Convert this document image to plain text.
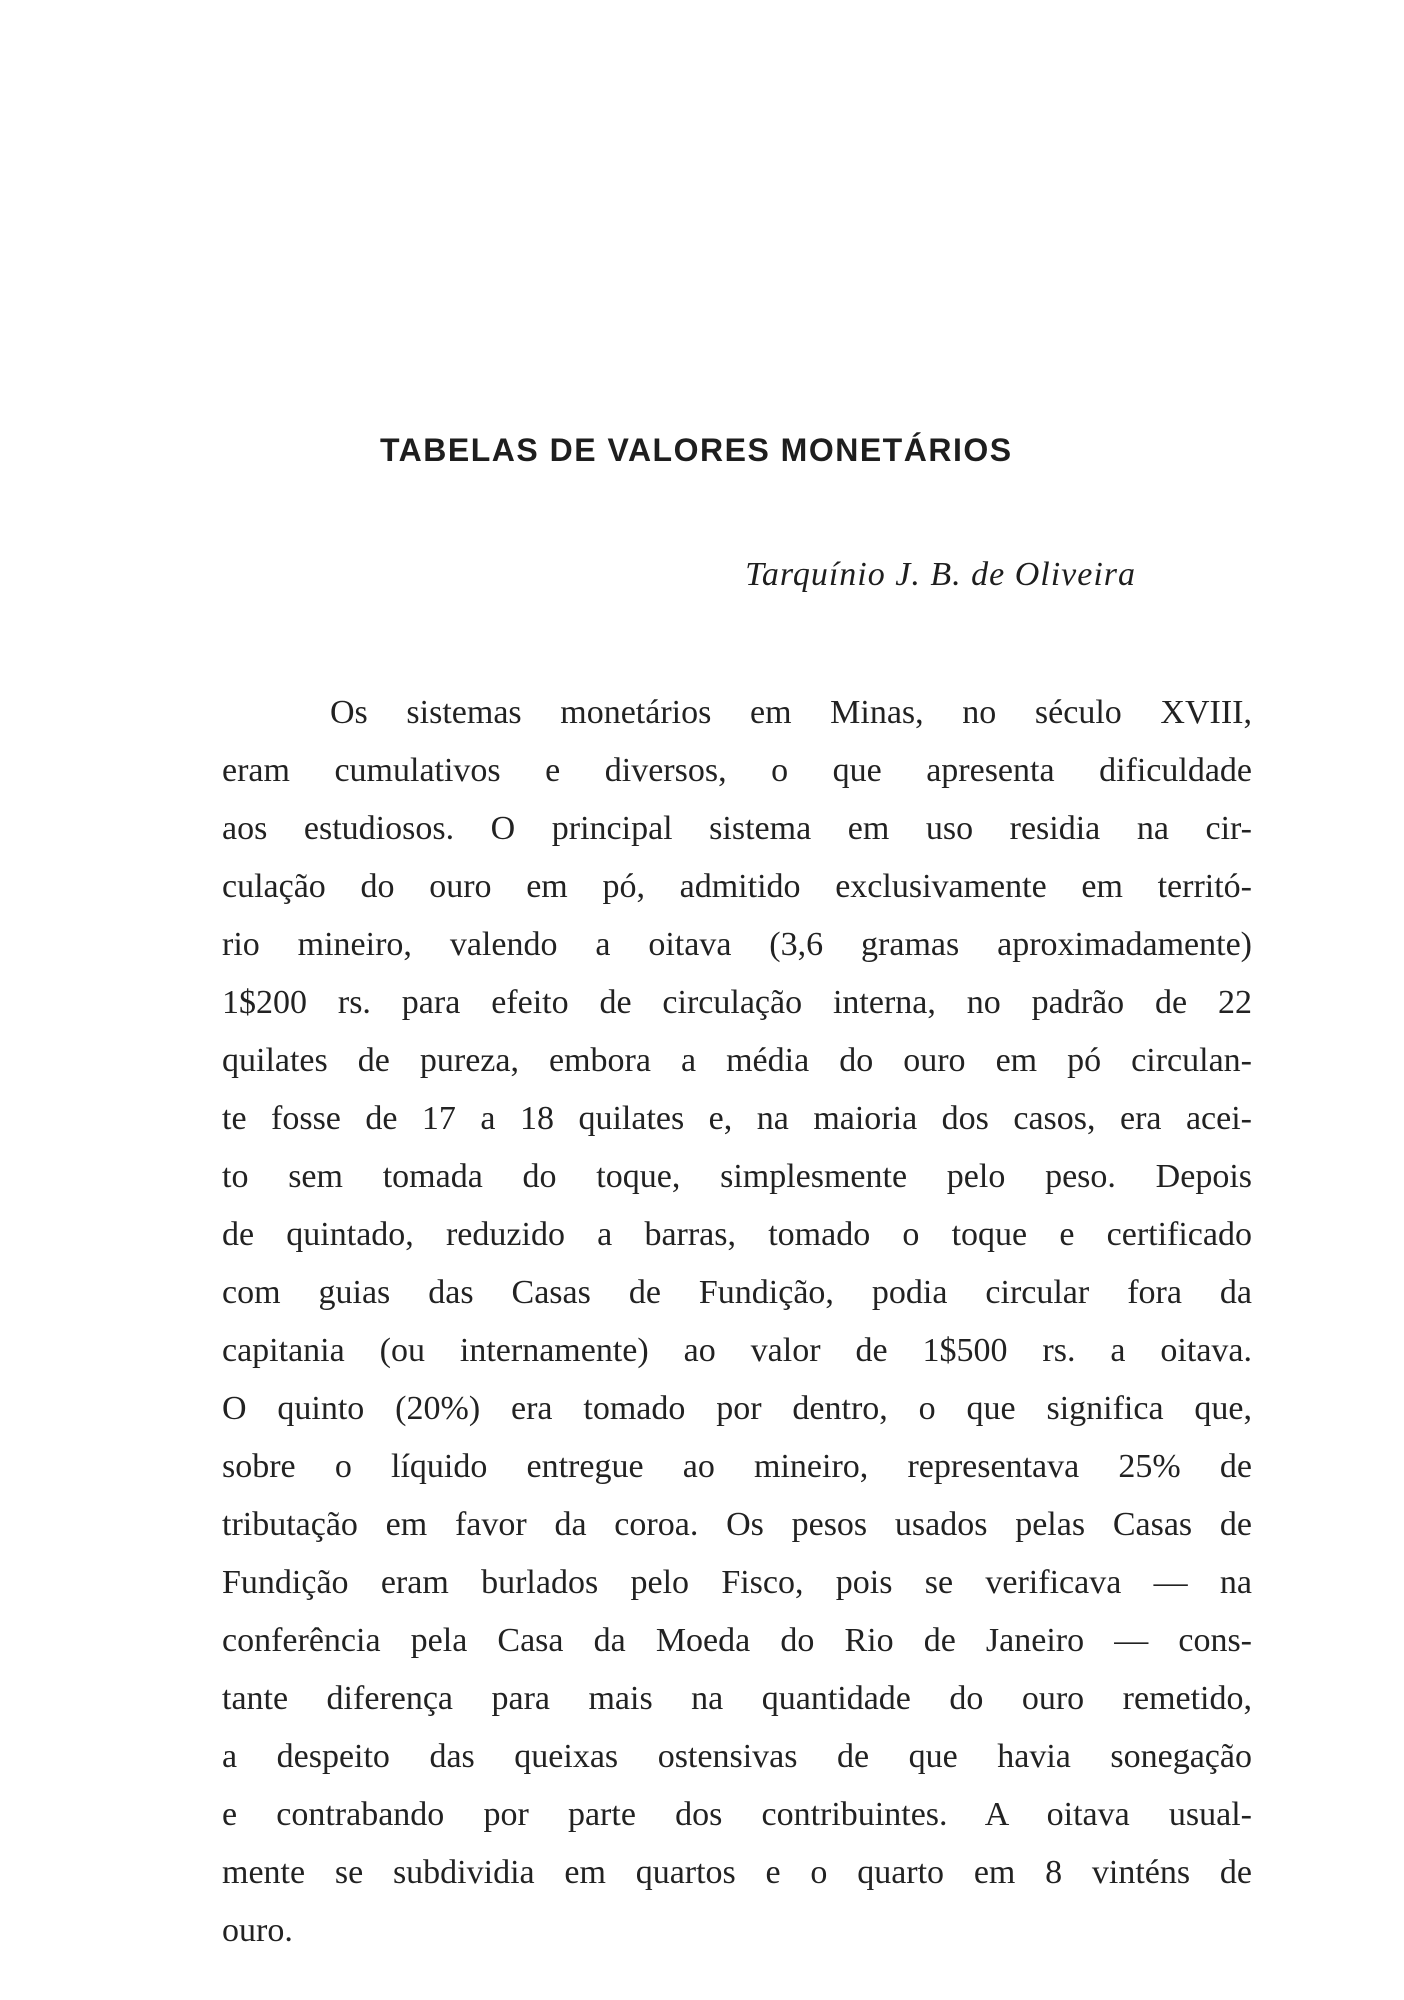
TABELAS DE VALORES MONETÁRIOS
Tarquínio J. B. de Oliveira
Os sistemas monetários em Minas, no século XVIII,
eram cumulativos e diversos, o que apresenta dificuldade
aos estudiosos. O principal sistema em uso residia na cir-
culação do ouro em pó, admitido exclusivamente em territó-
rio mineiro, valendo a oitava (3,6 gramas aproximadamente)
1$200 rs. para efeito de circulação interna, no padrão de 22
quilates de pureza, embora a média do ouro em pó circulan-
te fosse de 17 a 18 quilates e, na maioria dos casos, era acei-
to sem tomada do toque, simplesmente pelo peso. Depois
de quintado, reduzido a barras, tomado o toque e certificado
com guias das Casas de Fundição, podia circular fora da
capitania (ou internamente) ao valor de 1$500 rs. a oitava.
O quinto (20%) era tomado por dentro, o que significa que,
sobre o líquido entregue ao mineiro, representava 25% de
tributação em favor da coroa. Os pesos usados pelas Casas de
Fundição eram burlados pelo Fisco, pois se verificava — na
conferência pela Casa da Moeda do Rio de Janeiro — cons-
tante diferença para mais na quantidade do ouro remetido,
a despeito das queixas ostensivas de que havia sonegação
e contrabando por parte dos contribuintes. A oitava usual-
mente se subdividia em quartos e o quarto em 8 vinténs de
ouro.
